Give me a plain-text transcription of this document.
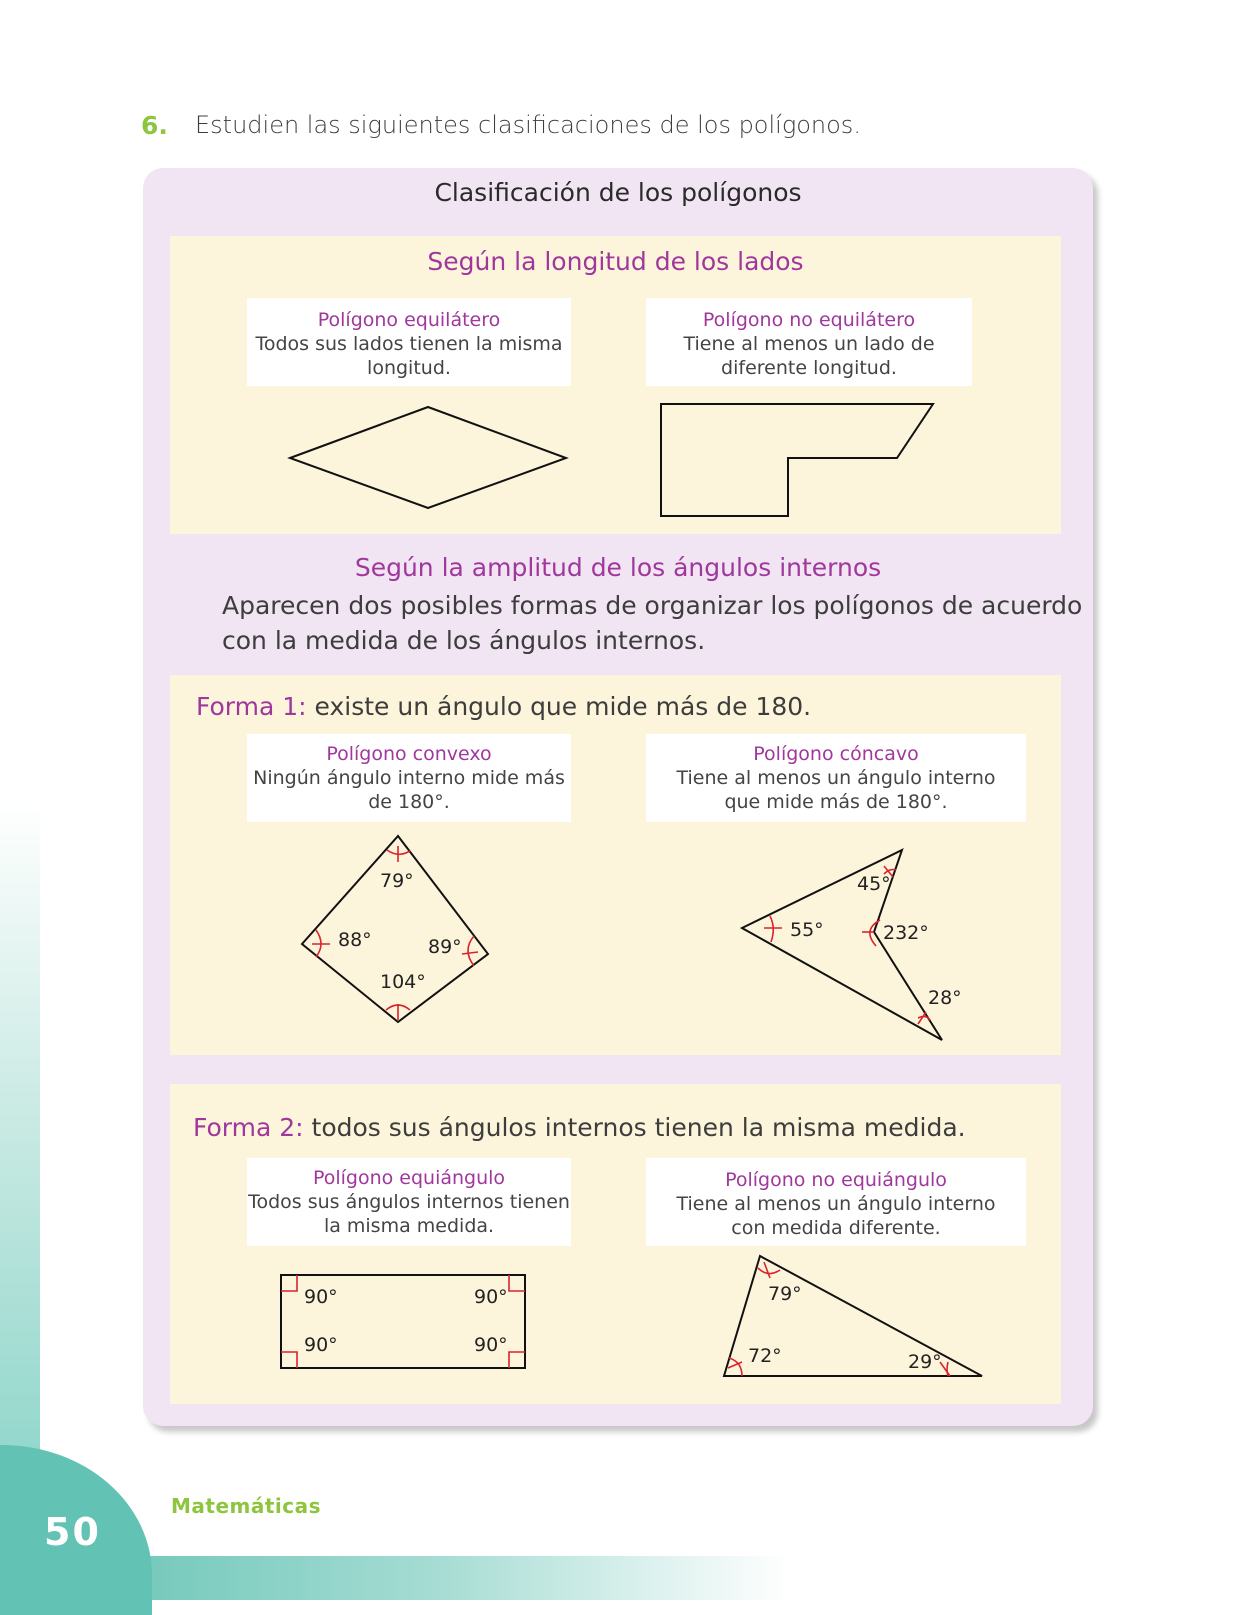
50
Matemáticas
6. Estudien las siguientes clasificaciones de los polígonos.
Clasificación de los polígonos
Según la longitud de los lados
Polígono equilátero
Todos sus lados tienen la misma
longitud.
Polígono no equilátero
Tiene al menos un lado de
diferente longitud.
79°
88°	89°
104°
45°
55°	232°
28°
90°	90°
90°	90°
79°
72°	29°
Según la amplitud de los ángulos internos
Aparecen dos posibles formas de organizar los polígonos de acuerdo
con la medida de los ángulos internos.
Forma 1: existe un ángulo que mide más de 180.
Polígono convexo
Ningún ángulo interno mide más
de 180°.
Polígono cóncavo
Tiene al menos un ángulo interno
que mide más de 180°.
Forma 2: todos sus ángulos internos tienen la misma medida.
Polígono equiángulo
Todos sus ángulos internos tienen
la misma medida.
Polígono no equiángulo
Tiene al menos un ángulo interno
con medida diferente.
